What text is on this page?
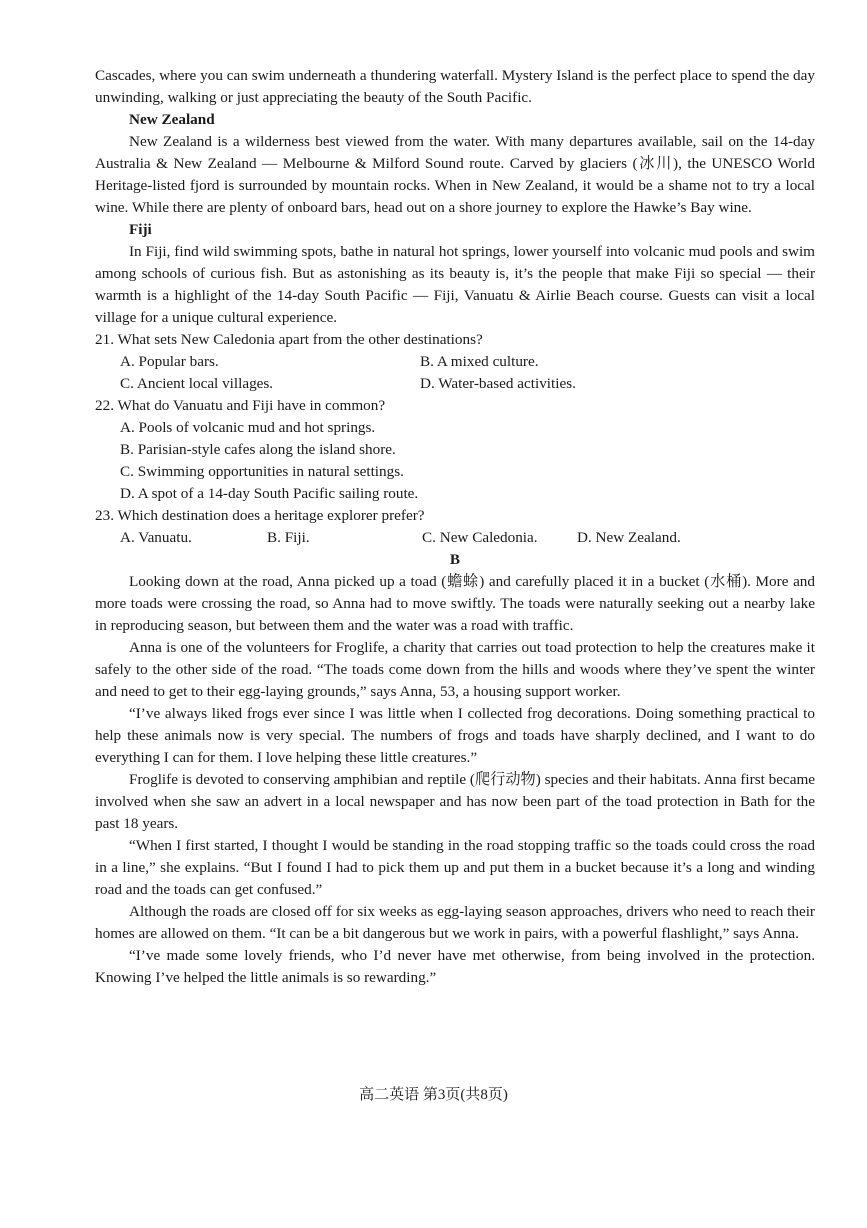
Cascades, where you can swim underneath a thundering waterfall. Mystery Island is the perfect place to spend the day unwinding, walking or just appreciating the beauty of the South Pacific.

New Zealand

New Zealand is a wilderness best viewed from the water. With many departures available, sail on the 14-day Australia & New Zealand — Melbourne & Milford Sound route. Carved by glaciers (冰川), the UNESCO World Heritage-listed fjord is surrounded by mountain rocks. When in New Zealand, it would be a shame not to try a local wine. While there are plenty of onboard bars, head out on a shore journey to explore the Hawke’s Bay wine.

Fiji

In Fiji, find wild swimming spots, bathe in natural hot springs, lower yourself into volcanic mud pools and swim among schools of curious fish. But as astonishing as its beauty is, it’s the people that make Fiji so special — their warmth is a highlight of the 14-day South Pacific — Fiji, Vanuatu & Airlie Beach course. Guests can visit a local village for a unique cultural experience.

21. What sets New Caledonia apart from the other destinations?

A. Popular bars.	B. A mixed culture.
C. Ancient local villages.	D. Water-based activities.

22. What do Vanuatu and Fiji have in common?

A. Pools of volcanic mud and hot springs.

B. Parisian-style cafes along the island shore.

C. Swimming opportunities in natural settings.

D. A spot of a 14-day South Pacific sailing route.

23. Which destination does a heritage explorer prefer?

A. Vanuatu.	B. Fiji.	C. New Caledonia.	D. New Zealand.

B

Looking down at the road, Anna picked up a toad (蟾蜍) and carefully placed it in a bucket (水桶). More and more toads were crossing the road, so Anna had to move swiftly. The toads were naturally seeking out a nearby lake in reproducing season, but between them and the water was a road with traffic.

Anna is one of the volunteers for Froglife, a charity that carries out toad protection to help the creatures make it safely to the other side of the road. “The toads come down from the hills and woods where they’ve spent the winter and need to get to their egg-laying grounds,” says Anna, 53, a housing support worker.

“I’ve always liked frogs ever since I was little when I collected frog decorations. Doing something practical to help these animals now is very special. The numbers of frogs and toads have sharply declined, and I want to do everything I can for them. I love helping these little creatures.”

Froglife is devoted to conserving amphibian and reptile (爬行动物) species and their habitats. Anna first became involved when she saw an advert in a local newspaper and has now been part of the toad protection in Bath for the past 18 years.

“When I first started, I thought I would be standing in the road stopping traffic so the toads could cross the road in a line,” she explains. “But I found I had to pick them up and put them in a bucket because it’s a long and winding road and the toads can get confused.”

Although the roads are closed off for six weeks as egg-laying season approaches, drivers who need to reach their homes are allowed on them. “It can be a bit dangerous but we work in pairs, with a powerful flashlight,” says Anna.

“I’ve made some lovely friends, who I’d never have met otherwise, from being involved in the protection. Knowing I’ve helped the little animals is so rewarding.”

高二英语 第3页(共8页)
